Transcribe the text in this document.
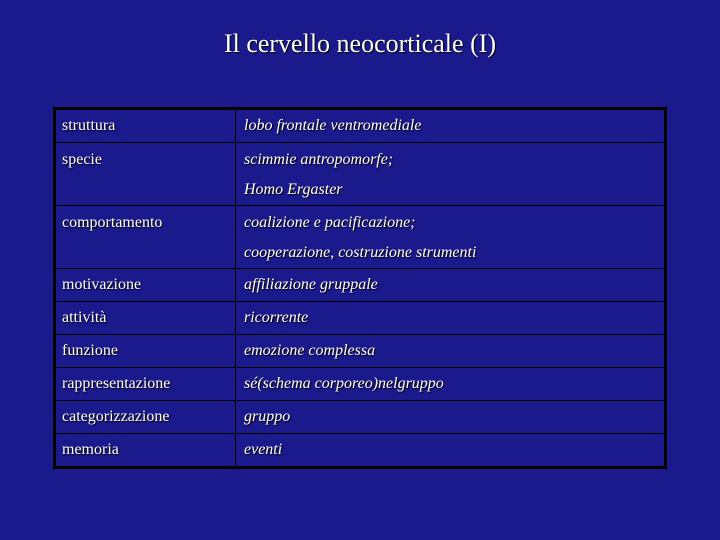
Il cervello neocorticale (I)
struttura	lobo frontale ventromediale

specie	scimmie antropomorfe;
Homo Ergaster

comportamento	coalizione e pacificazione;
cooperazione, costruzione strumenti

motivazione	affiliazione gruppale

attività	ricorrente

funzione	emozione complessa

rappresentazione	sé(schema corporeo)nelgruppo

categorizzazione	gruppo

memoria	eventi
